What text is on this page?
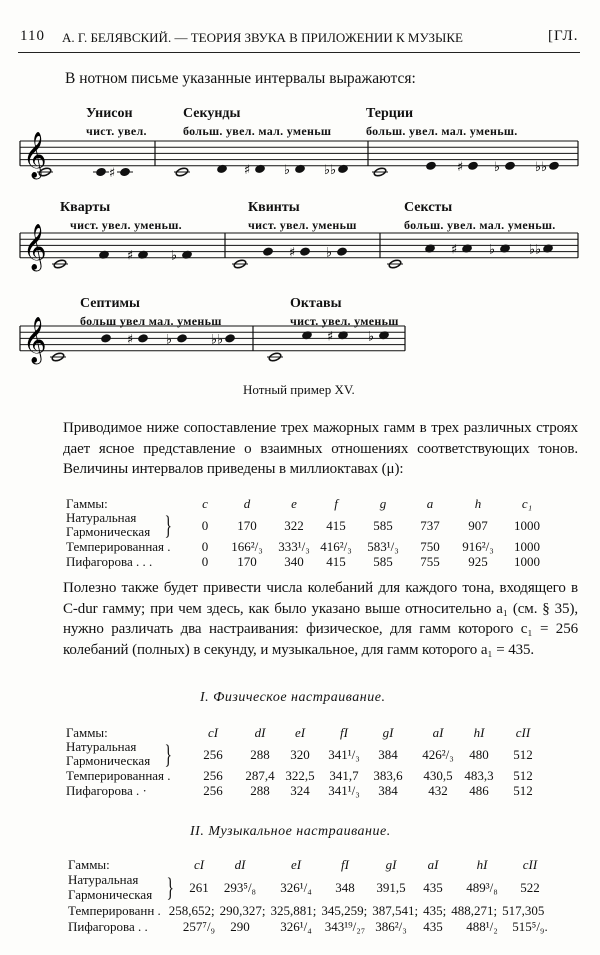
𝄞	♯	♯	♭	♭♭	♯ ♭	♭♭
𝄞	♯	♭	♯ ♭	♯ ♭	♭♭
𝄞	♯	♭	♭♭	♯	♭
110 А. Г. БЕЛЯВСКИЙ. — ТЕОРИЯ ЗВУКА В ПРИЛОЖЕНИИ К МУЗЫКЕ	[ГЛ.
В нотном письме указанные интервалы выражаются:
Унисон
чист. увел.
Секунды
больш. увел. мал. уменьш
Терции
больш. увел. мал. уменьш.
Кварты
чист. увел. уменьш.
Квинты
чист. увел. уменьш
Сексты
больш. увел. мал. уменьш.
Септимы
больш увел мал. уменьш
Октавы
чист. увел. уменьш
Нотный пример XV.
Приводимое ниже сопоставление трех мажорных гамм в трех различных строях дает ясное представление о взаимных отношениях соответствующих тонов. Величины интервалов приведены в миллиоктавах (μ):
Гаммы:	c	d	e	f	g	a	h	c₁
Натуральная
Гармоническая	0 170 322 415 585 737 907 1000
Темперированная . 0 166²/₃ 333¹/₃ 416²/₃ 583¹/₃ 750 916²/₃ 1000
Пифагорова . . .	0 170 340 415 585 755 925 1000
}
Полезно также будет привести числа колебаний для каждого тона, входящего в C-dur гамму; при чем здесь, как было указано выше относительно a₁ (см. § 35), нужно различать два настраивания: физическое, для гамм которого c₁ = 256 колебаний (полных) в секунду, и музыкальное, для гамм которого a₁ = 435.
I. Физическое настраивание.
Гаммы:	cI	dI eI	fI	gI	aI hI cII
Натуральная
Гармоническая	256 288 320 341¹/₃ 384 426²/₃ 480 512
Темперированная .	256 287,4 322,5 341,7 383,6 430,5 483,3 512
Пифагорова . ·	256 288 324 341¹/₃ 384 432 486 512
}
II. Музыкальное настраивание.
Гаммы:	cI dI	eI	fI	gI aI	hI	cII
Натуральная
Гармоническая	261 293⁵/₈ 326¹/₄ 348 391,5 435 489³/₈ 522
Темперированн . 258,652; 290,327; 325,881; 345,259; 387,541; 435; 488,271; 517,305
Пифагорова . .	257⁷/₉ 290 326¹/₄ 343¹⁹/₂₇ 386²/₃ 435 488¹/₂ 515⁵/₉.
}
